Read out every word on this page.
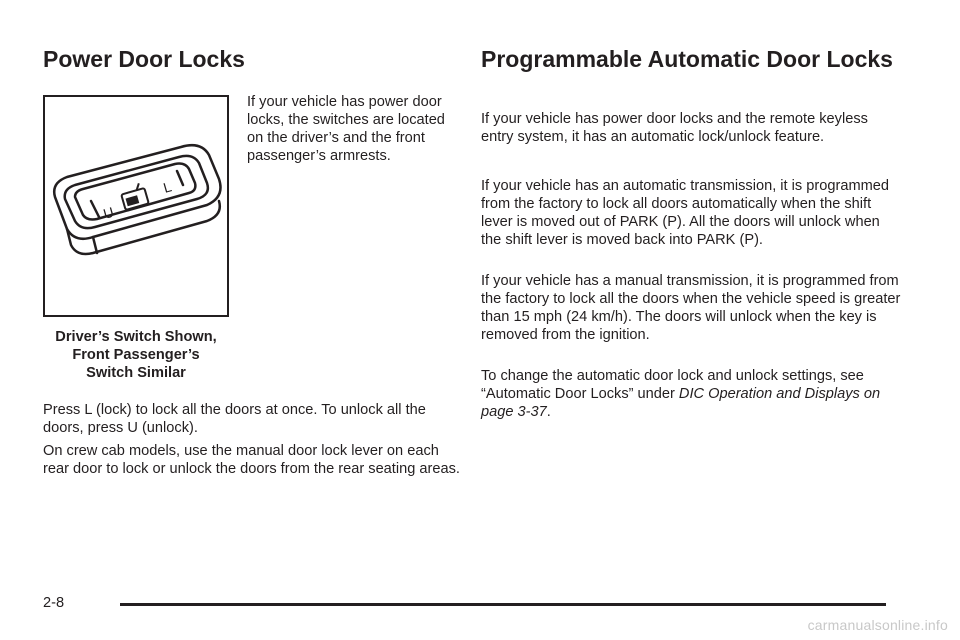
Power Door Locks
U
L
Driver’s Switch Shown,
Front Passenger’s
Switch Similar

If your vehicle has power door locks, the switches are located on the driver’s and the front passenger’s armrests.

Press L (lock) to lock all the doors at once. To unlock all the doors, press U (unlock).

On crew cab models, use the manual door lock lever on each rear door to lock or unlock the doors from the rear seating areas.

Programmable Automatic Door Locks

If your vehicle has power door locks and the remote keyless entry system, it has an automatic lock/unlock feature.

If your vehicle has an automatic transmission, it is programmed from the factory to lock all doors automatically when the shift lever is moved out of PARK (P). All the doors will unlock when the shift lever is moved back into PARK (P).

If your vehicle has a manual transmission, it is programmed from the factory to lock all the doors when the vehicle speed is greater than 15 mph (24 km/h). The doors will unlock when the key is removed from the ignition.

To change the automatic door lock and unlock settings, see “Automatic Door Locks” under DIC Operation and Displays on page 3-37.

2-8
carmanualsonline.info
